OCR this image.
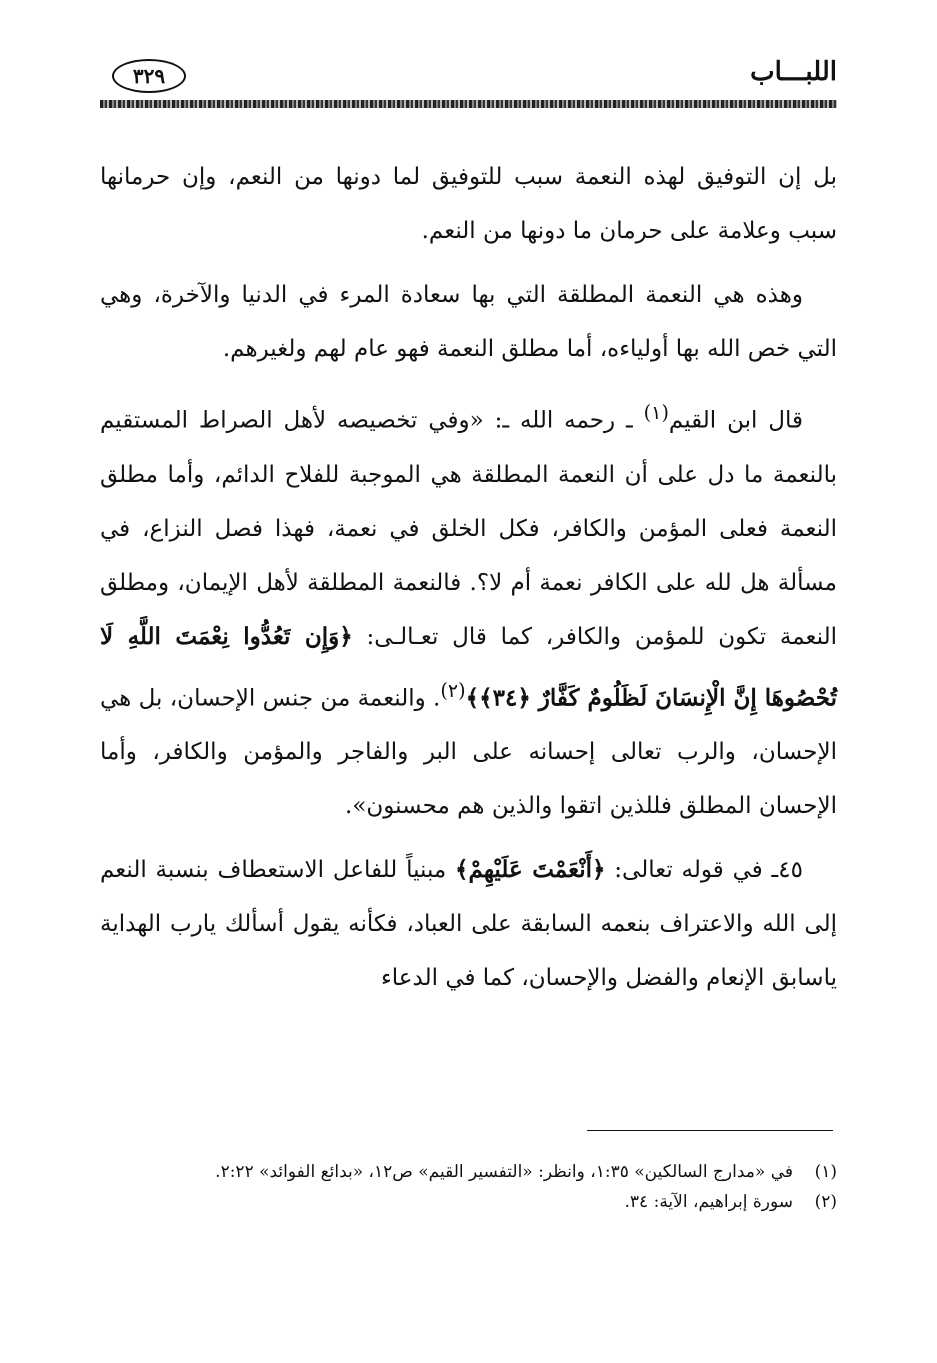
اللبـــاب
٣٢٩

بل إن التوفيق لهذه النعمة سبب للتوفيق لما دونها من النعم، وإن حرمانها سبب وعلامة على حرمان ما دونها من النعم.

وهذه هي النعمة المطلقة التي بها سعادة المرء في الدنيا والآخرة، وهي التي خص الله بها أولياءه، أما مطلق النعمة فهو عام لهم ولغيرهم.

قال ابن القيم$^{(١)}$ ـ رحمه الله ـ: «وفي تخصيصه لأهل الصراط المستقيم بالنعمة ما دل على أن النعمة المطلقة هي الموجبة للفلاح الدائم، وأما مطلق النعمة فعلى المؤمن والكافر، فكل الخلق في نعمة، فهذا فصل النزاع، في مسألة هل لله على الكافر نعمة أم لا؟. فالنعمة المطلقة لأهل الإيمان، ومطلق النعمة تكون للمؤمن والكافر، كما قال تعـالـى: ﴿وَإِن تَعُدُّوا نِعْمَتَ اللَّهِ لَا تُحْصُوهَا إِنَّ الْإِنسَانَ لَظَلُومٌ كَفَّارٌ ﴿٣٤﴾﴾$^{(٢)}$. والنعمة من جنس الإحسان، بل هي الإحسان، والرب تعالى إحسانه على البر والفاجر والمؤمن والكافر، وأما الإحسان المطلق فللذين اتقوا والذين هم محسنون».

٤٥ـ في قوله تعالى: ﴿أَنْعَمْتَ عَلَيْهِمْ﴾ مبنياً للفاعل الاستعطاف بنسبة النعم إلى الله والاعتراف بنعمه السابقة على العباد، فكأنه يقول أسألك يارب الهداية ياسابق الإنعام والفضل والإحسان، كما في الدعاء

(١)
في «مدارج السالكين» ١:٣٥، وانظر: «التفسير القيم» ص١٢، «بدائع الفوائد» ٢:٢٢.
(٢)
سورة إبراهيم، الآية: ٣٤.
